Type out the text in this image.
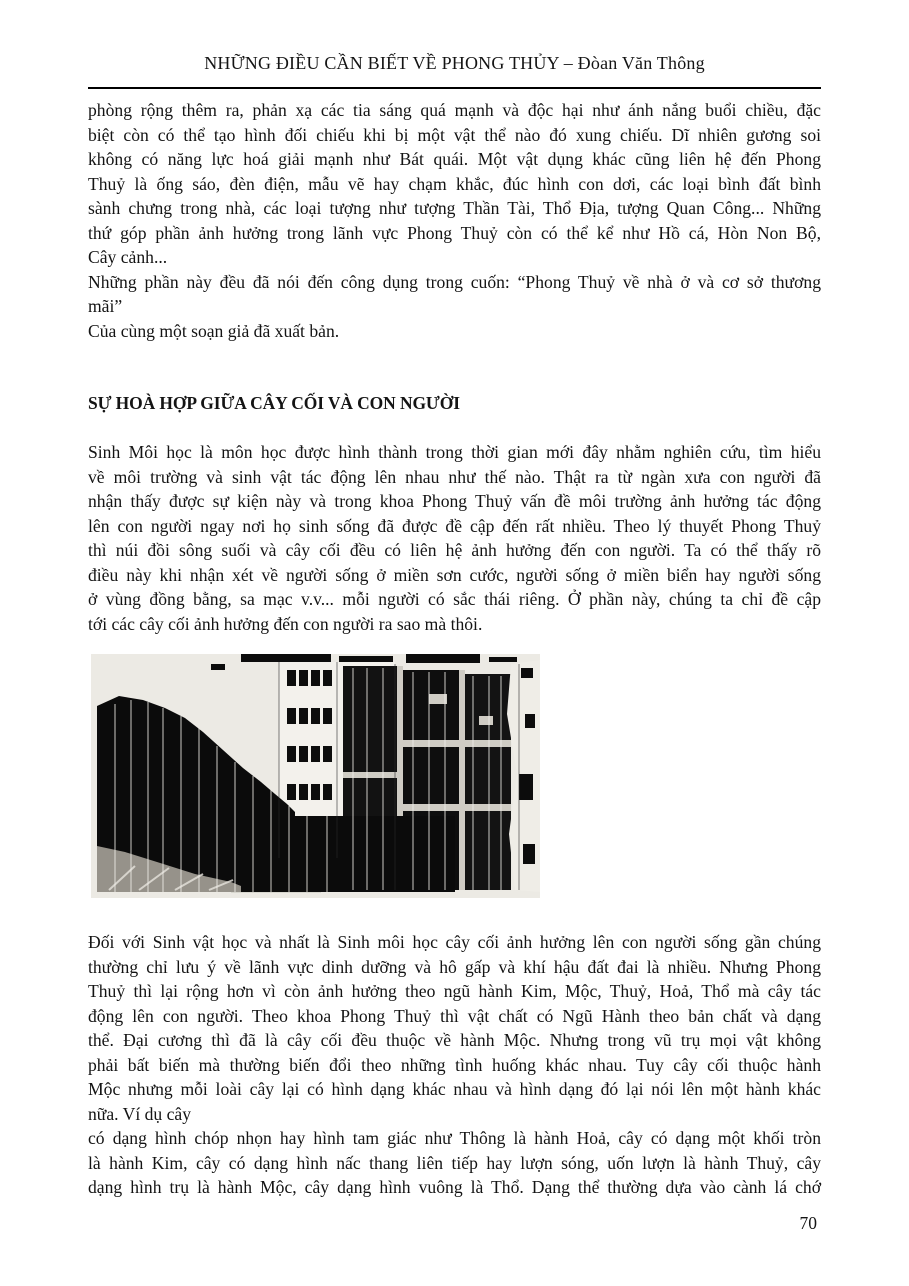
NHỮNG ĐIỀU CẦN BIẾT VỀ PHONG THỦY – Đòan Văn Thông
phòng rộng thêm ra, phản xạ các tia sáng quá mạnh và độc hại như ánh nắng buổi chiều, đặc
biệt còn có thể tạo hình đối chiếu khi bị một vật thể nào đó xung chiếu. Dĩ nhiên gương soi
không có năng lực hoá giải mạnh như Bát quái. Một vật dụng khác cũng liên hệ đến Phong
Thuỷ là ống sáo, đèn điện, mẫu vẽ hay chạm khắc, đúc hình con dơi, các loại bình đất bình
sành chưng trong nhà, các loại tượng như tượng Thần Tài, Thổ Địa, tượng Quan Công... Những
thứ góp phần ảnh hưởng trong lãnh vực Phong Thuỷ còn có thể kể như Hồ cá, Hòn Non Bộ,
Cây cảnh...
Những phần này đều đã nói đến công dụng trong cuốn: “Phong Thuỷ về nhà ở và cơ sở thương
mãi”
Của cùng một soạn giả đã xuất bản.
SỰ HOÀ HỢP GIỮA CÂY CỐI VÀ CON NGƯỜI
Sinh Môi học là môn học được hình thành trong thời gian mới đây nhằm nghiên cứu, tìm hiểu
về môi trường và sinh vật tác động lên nhau như thế nào. Thật ra từ ngàn xưa con người đã
nhận thấy được sự kiện này và trong khoa Phong Thuỷ vấn đề môi trường ảnh hưởng tác động
lên con người ngay nơi họ sinh sống đã được đề cập đến rất nhiều. Theo lý thuyết Phong Thuỷ
thì núi đồi sông suối và cây cối đều có liên hệ ảnh hưởng đến con người. Ta có thể thấy rõ
điều này khi nhận xét về người sống ở miền sơn cước, người sống ở miền biển hay người sống
ở vùng đồng bằng, sa mạc v.v... mỗi người có sắc thái riêng. Ở phần này, chúng ta chỉ đề cập
tới các cây cối ảnh hưởng đến con người ra sao mà thôi.
Đối với Sinh vật học và nhất là Sinh môi học cây cối ảnh hưởng lên con người sống gần chúng
thường chỉ lưu ý về lãnh vực dinh dưỡng và hô gấp và khí hậu đất đai là nhiều. Nhưng Phong
Thuỷ thì lại rộng hơn vì còn ảnh hưởng theo ngũ hành Kim, Mộc, Thuỷ, Hoả, Thổ mà cây tác
động lên con người. Theo khoa Phong Thuỷ thì vật chất có Ngũ Hành theo bản chất và dạng
thể. Đại cương thì đã là cây cối đều thuộc về hành Mộc. Nhưng trong vũ trụ mọi vật không
phải bất biến mà thường biến đổi theo những tình huống khác nhau. Tuy cây cối thuộc hành
Mộc nhưng mỗi loài cây lại có hình dạng khác nhau và hình dạng đó lại nói lên một hành khác
nữa. Ví dụ cây
có dạng hình chóp nhọn hay hình tam giác như Thông là hành Hoả, cây có dạng một khối tròn
là hành Kim, cây có dạng hình nấc thang liên tiếp hay lượn sóng, uốn lượn là hành Thuỷ, cây
dạng hình trụ là hành Mộc, cây dạng hình vuông là Thổ. Dạng thể thường dựa vào cành lá chớ
70
